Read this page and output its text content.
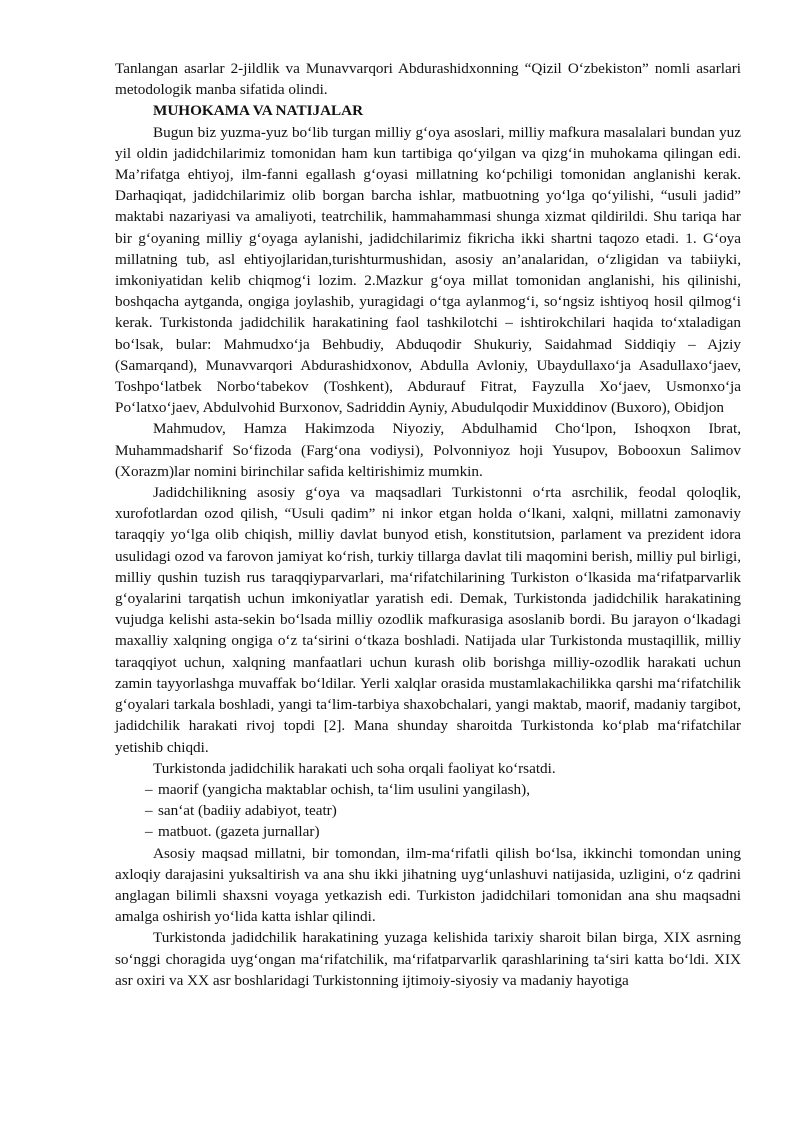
Tanlangan asarlar 2-jildlik va Munavvarqori Abdurashidxonning “Qizil O‘zbekiston” nomli asarlari metodologik manba sifatida olindi.

MUHOKAMA VA NATIJALAR

Bugun biz yuzma-yuz bo‘lib turgan milliy g‘oya asoslari, milliy mafkura masalalari bundan yuz yil oldin jadidchilarimiz tomonidan ham kun tartibiga qo‘yilgan va qizg‘in muhokama qilingan edi. Ma’rifatga ehtiyoj, ilm-fanni egallash g‘oyasi millatning ko‘pchiligi tomonidan anglanishi kerak. Darhaqiqat, jadidchilarimiz olib borgan barcha ishlar, matbuotning yo‘lga qo‘yilishi, “usuli jadid” maktabi nazariyasi va amaliyoti, teatrchilik, hammahammasi shunga xizmat qildirildi. Shu tariqa har bir g‘oyaning milliy g‘oyaga aylanishi, jadidchilarimiz fikricha ikki shartni taqozo etadi. 1. G‘oya millatning tub, asl ehtiyojlaridan,turishturmushidan, asosiy an’analaridan, o‘zligidan va tabiiyki, imkoniyatidan kelib chiqmog‘i lozim. 2.Mazkur g‘oya millat tomonidan anglanishi, his qilinishi, boshqacha aytganda, ongiga joylashib, yuragidagi o‘tga aylanmog‘i, so‘ngsiz ishtiyoq hosil qilmog‘i kerak. Turkistonda jadidchilik harakatining faol tashkilotchi – ishtirokchilari haqida to‘xtaladigan bo‘lsak, bular: Mahmudxo‘ja Behbudiy, Abduqodir Shukuriy, Saidahmad Siddiqiy – Ajziy (Samarqand), Munavvarqori Abdurashidxonov, Abdulla Avloniy, Ubaydullaxo‘ja Asadullaxo‘jaev, Toshpo‘latbek Norbo‘tabekov (Toshkent), Abdurauf Fitrat, Fayzulla Xo‘jaev, Usmonxo‘ja Po‘latxo‘jaev, Abdulvohid Burxonov, Sadriddin Ayniy, Abudulqodir Muxiddinov (Buxoro), Obidjon

Mahmudov, Hamza Hakimzoda Niyoziy, Abdulhamid Cho‘lpon, Ishoqxon Ibrat, Muhammadsharif So‘fizoda (Farg‘ona vodiysi), Polvonniyoz hoji Yusupov, Bobooxun Salimov (Xorazm)lar nomini birinchilar safida keltirishimiz mumkin.

Jadidchilikning asosiy g‘oya va maqsadlari Turkistonni o‘rta asrchilik, feodal qoloqlik, xurofotlardan ozod qilish, “Usuli qadim” ni inkor etgan holda o‘lkani, xalqni, millatni zamonaviy taraqqiy yo‘lga olib chiqish, milliy davlat bunyod etish, konstitutsion, parlament va prezident idora usulidagi ozod va farovon jamiyat ko‘rish, turkiy tillarga davlat tili maqomini berish, milliy pul birligi, milliy qushin tuzish rus taraqqiyparvarlari, ma‘rifatchilarining Turkiston o‘lkasida ma‘rifatparvarlik g‘oyalarini tarqatish uchun imkoniyatlar yaratish edi. Demak, Turkistonda jadidchilik harakatining vujudga kelishi asta-sekin bo‘lsada milliy ozodlik mafkurasiga asoslanib bordi. Bu jarayon o‘lkadagi maxalliy xalqning ongiga o‘z ta‘sirini o‘tkaza boshladi. Natijada ular Turkistonda mustaqillik, milliy taraqqiyot uchun, xalqning manfaatlari uchun kurash olib borishga milliy-ozodlik harakati uchun zamin tayyorlashga muvaffak bo‘ldilar. Yerli xalqlar orasida mustamlakachilikka qarshi ma‘rifatchilik g‘oyalari tarkala boshladi, yangi ta‘lim-tarbiya shaxobchalari, yangi maktab, maorif, madaniy targibot, jadidchilik harakati rivoj topdi [2]. Mana shunday sharoitda Turkistonda ko‘plab ma‘rifatchilar yetishib chiqdi.

Turkistonda jadidchilik harakati uch soha orqali faoliyat ko‘rsatdi.

– maorif (yangicha maktablar ochish, ta‘lim usulini yangilash),
– san‘at (badiiy adabiyot, teatr)
– matbuot. (gazeta jurnallar)

Asosiy maqsad millatni, bir tomondan, ilm-ma‘rifatli qilish bo‘lsa, ikkinchi tomondan uning axloqiy darajasini yuksaltirish va ana shu ikki jihatning uyg‘unlashuvi natijasida, uzligini, o‘z qadrini anglagan bilimli shaxsni voyaga yetkazish edi. Turkiston jadidchilari tomonidan ana shu maqsadni amalga oshirish yo‘lida katta ishlar qilindi.

Turkistonda jadidchilik harakatining yuzaga kelishida tarixiy sharoit bilan birga, XIX asrning so‘nggi choragida uyg‘ongan ma‘rifatchilik, ma‘rifatparvarlik qarashlarining ta‘siri katta bo‘ldi. XIX asr oxiri va XX asr boshlaridagi Turkistonning ijtimoiy-siyosiy va madaniy hayotiga
